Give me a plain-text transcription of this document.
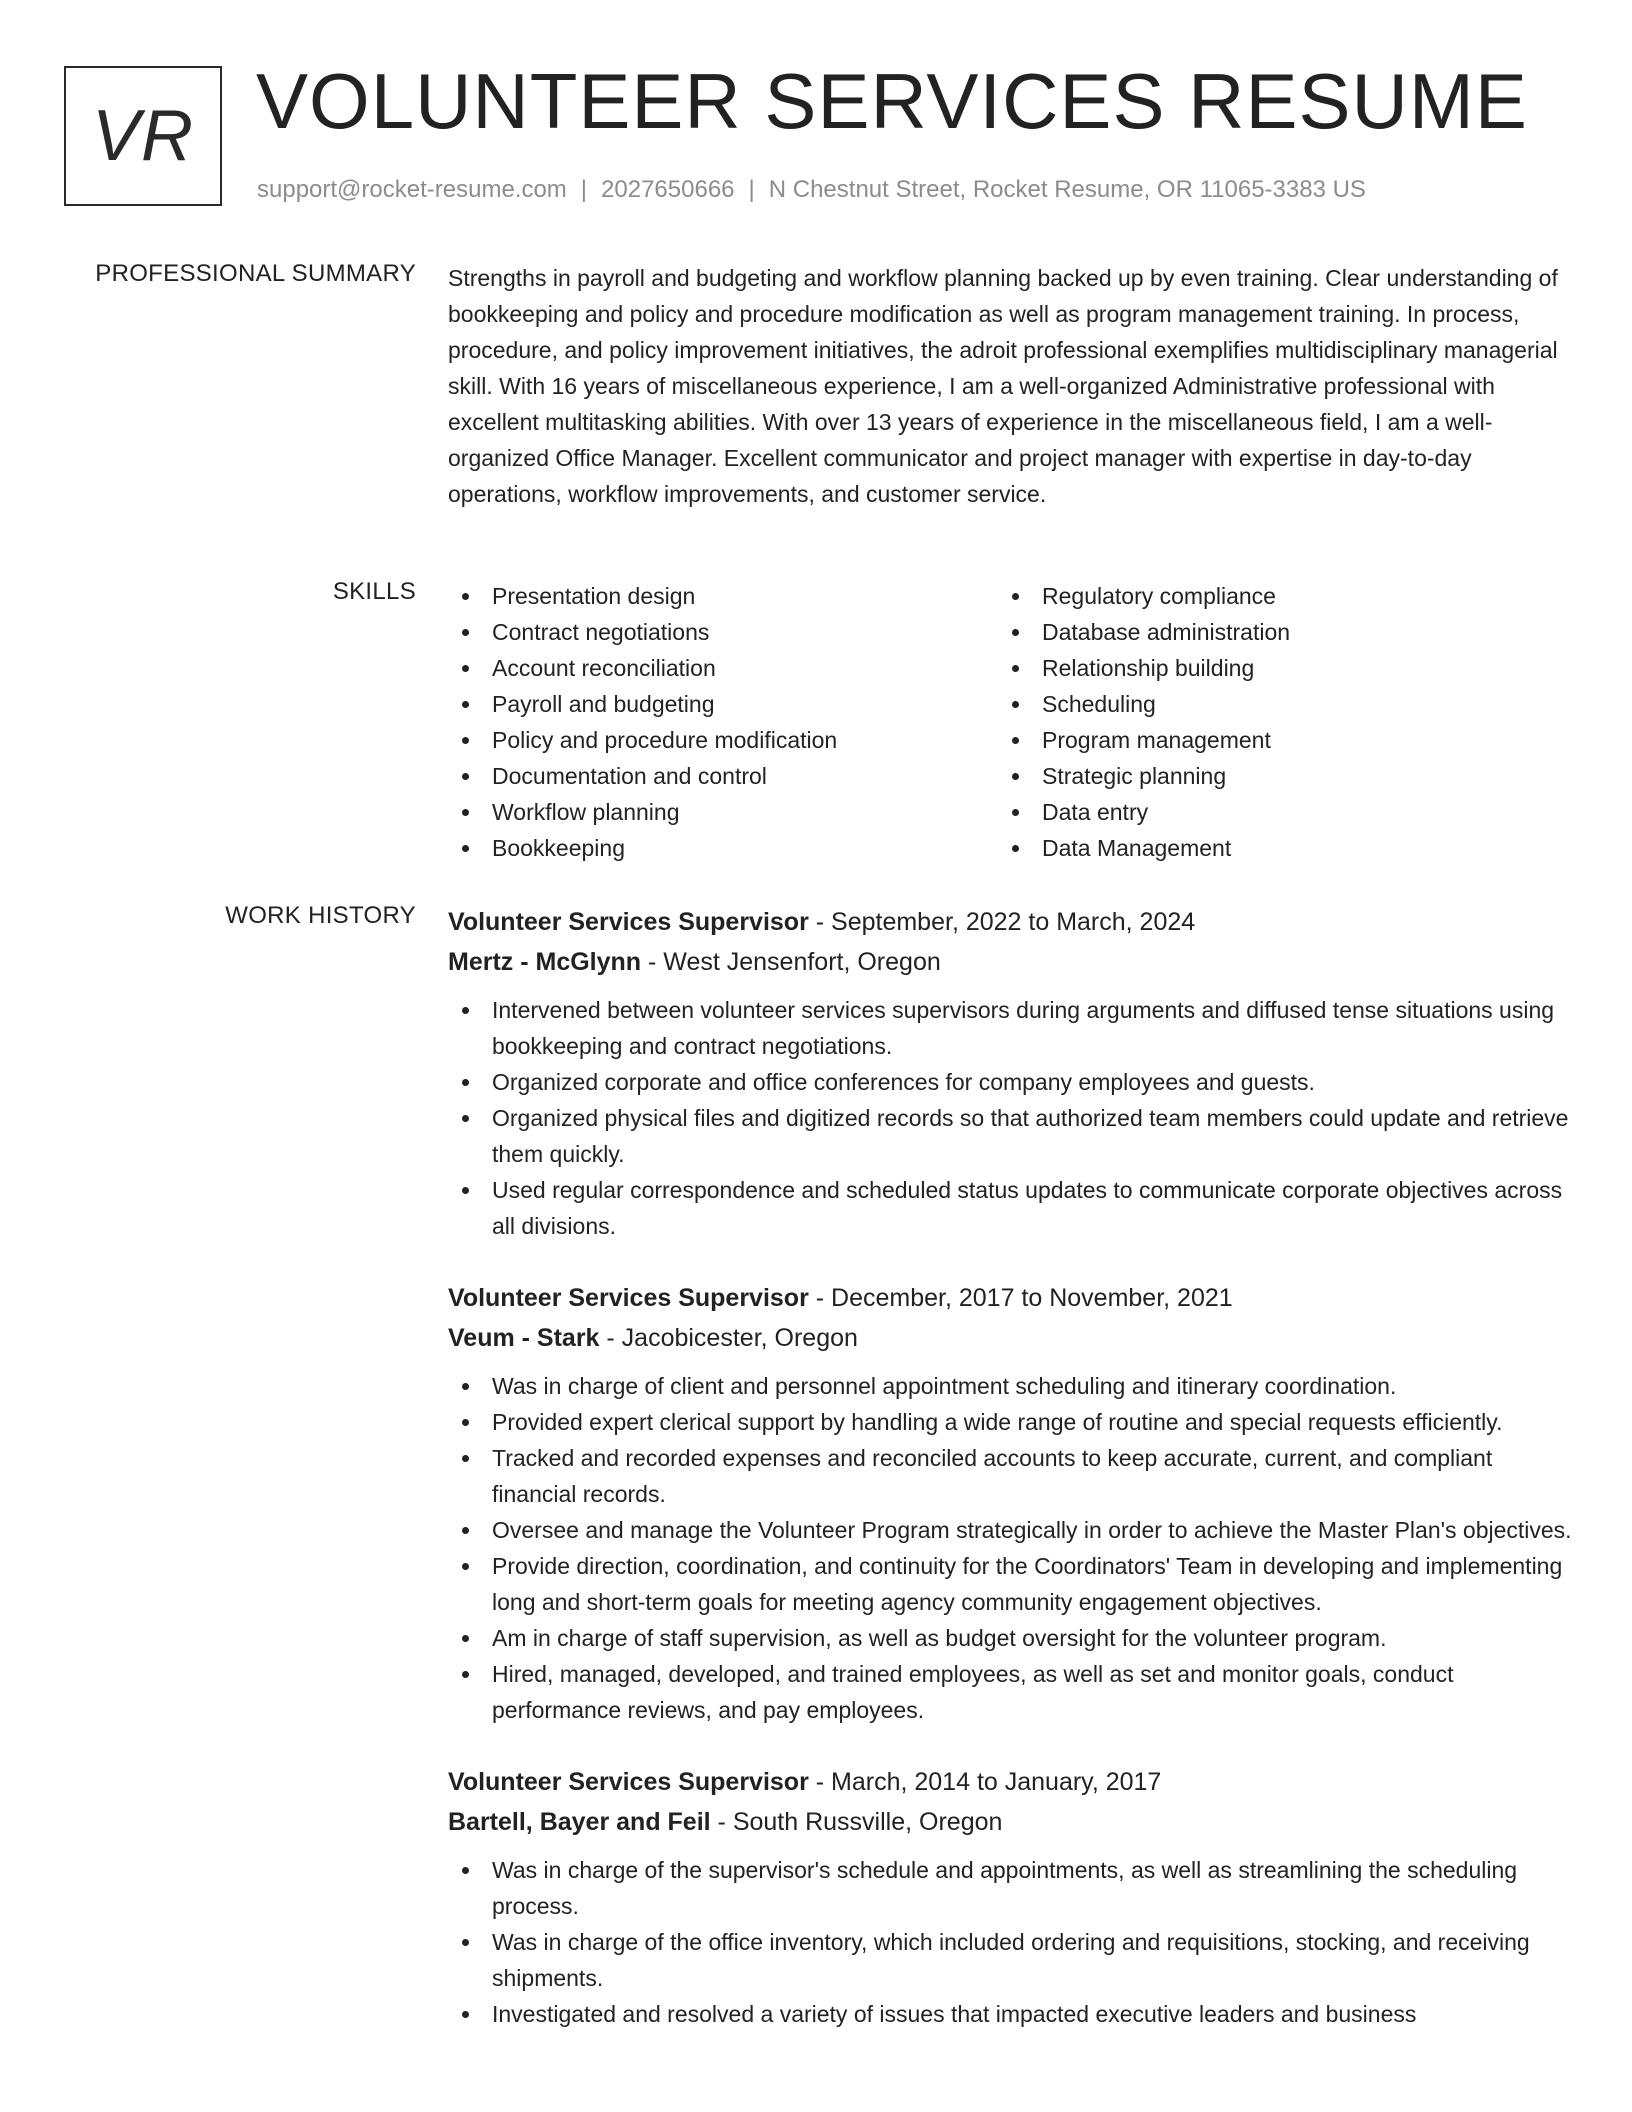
VR VOLUNTEER SERVICES RESUME
support@rocket-resume.com | 2027650666 | N Chestnut Street, Rocket Resume, OR 11065-3383 US
PROFESSIONAL SUMMARY Strengths in payroll and budgeting and workflow planning backed up by even training. Clear understanding of bookkeeping and policy and procedure modification as well as program management training. In process, procedure, and policy improvement initiatives, the adroit professional exemplifies multidisciplinary managerial skill. With 16 years of miscellaneous experience, I am a well-organized Administrative professional with excellent multitasking abilities. With over 13 years of experience in the miscellaneous field, I am a well-organized Office Manager. Excellent communicator and project manager with expertise in day-to-day operations, workflow improvements, and customer service.
SKILLS	Presentation design
Contract negotiations
Account reconciliation
Payroll and budgeting
Policy and procedure modification
Documentation and control
Workflow planning
Bookkeeping
Regulatory compliance
Database administration
Relationship building
Scheduling
Program management
Strategic planning
Data entry
Data Management
WORK HISTORY Volunteer Services Supervisor - September, 2022 to March, 2024
Mertz - McGlynn - West Jensenfort, Oregon
Intervened between volunteer services supervisors during arguments and diffused tense situations using bookkeeping and contract negotiations.
Organized corporate and office conferences for company employees and guests.
Organized physical files and digitized records so that authorized team members could update and retrieve them quickly.
Used regular correspondence and scheduled status updates to communicate corporate objectives across all divisions.
Volunteer Services Supervisor - December, 2017 to November, 2021
Veum - Stark - Jacobicester, Oregon
Was in charge of client and personnel appointment scheduling and itinerary coordination.
Provided expert clerical support by handling a wide range of routine and special requests efficiently.
Tracked and recorded expenses and reconciled accounts to keep accurate, current, and compliant financial records.
Oversee and manage the Volunteer Program strategically in order to achieve the Master Plan's objectives.
Provide direction, coordination, and continuity for the Coordinators' Team in developing and implementing long and short-term goals for meeting agency community engagement objectives.
Am in charge of staff supervision, as well as budget oversight for the volunteer program.
Hired, managed, developed, and trained employees, as well as set and monitor goals, conduct performance reviews, and pay employees.
Volunteer Services Supervisor - March, 2014 to January, 2017
Bartell, Bayer and Feil - South Russville, Oregon
Was in charge of the supervisor's schedule and appointments, as well as streamlining the scheduling process.
Was in charge of the office inventory, which included ordering and requisitions, stocking, and receiving shipments.
Investigated and resolved a variety of issues that impacted executive leaders and business
